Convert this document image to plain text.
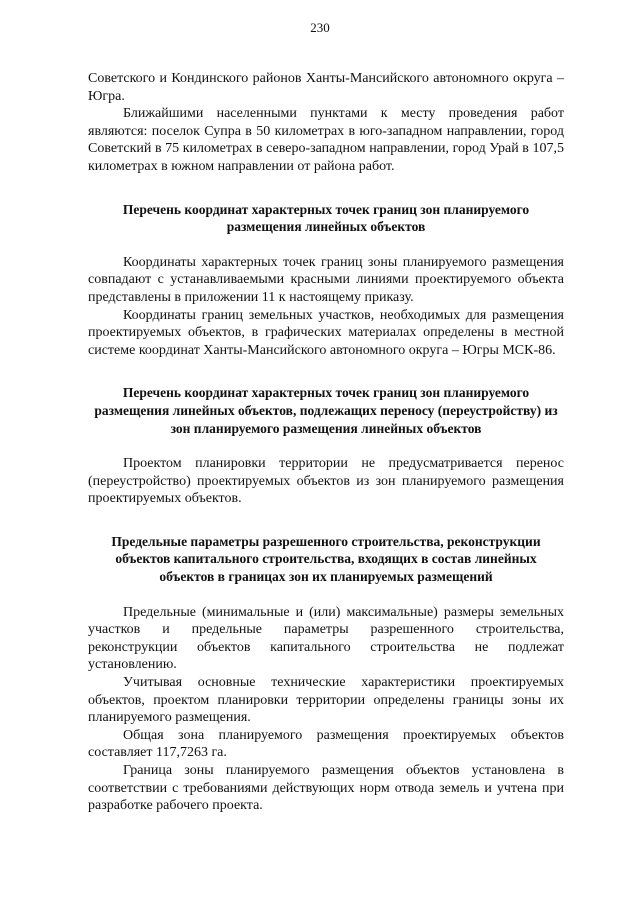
230

Советского и Кондинского районов Ханты-Мансийского автономного округа – Югра.

Ближайшими населенными пунктами к месту проведения работ являются: поселок Супра в 50 километрах в юго-западном направлении, город Советский в 75 километрах в северо-западном направлении, город Урай в 107,5 километрах в южном направлении от района работ.

Перечень координат характерных точек границ зон планируемого размещения линейных объектов

Координаты характерных точек границ зоны планируемого размещения совпадают с устанавливаемыми красными линиями проектируемого объекта представлены в приложении 11 к настоящему приказу.

Координаты границ земельных участков, необходимых для размещения проектируемых объектов, в графических материалах определены в местной системе координат Ханты-Мансийского автономного округа – Югры МСК-86.

Перечень координат характерных точек границ зон планируемого размещения линейных объектов, подлежащих переносу (переустройству) из зон планируемого размещения линейных объектов

Проектом планировки территории не предусматривается перенос (переустройство) проектируемых объектов из зон планируемого размещения проектируемых объектов.

Предельные параметры разрешенного строительства, реконструкции объектов капитального строительства, входящих в состав линейных объектов в границах зон их планируемых размещений

Предельные (минимальные и (или) максимальные) размеры земельных участков и предельные параметры разрешенного строительства, реконструкции объектов капитального строительства не подлежат установлению.

Учитывая основные технические характеристики проектируемых объектов, проектом планировки территории определены границы зоны их планируемого размещения.

Общая зона планируемого размещения проектируемых объектов составляет 117,7263 га.

Граница зоны планируемого размещения объектов установлена в соответствии с требованиями действующих норм отвода земель и учтена при разработке рабочего проекта.
